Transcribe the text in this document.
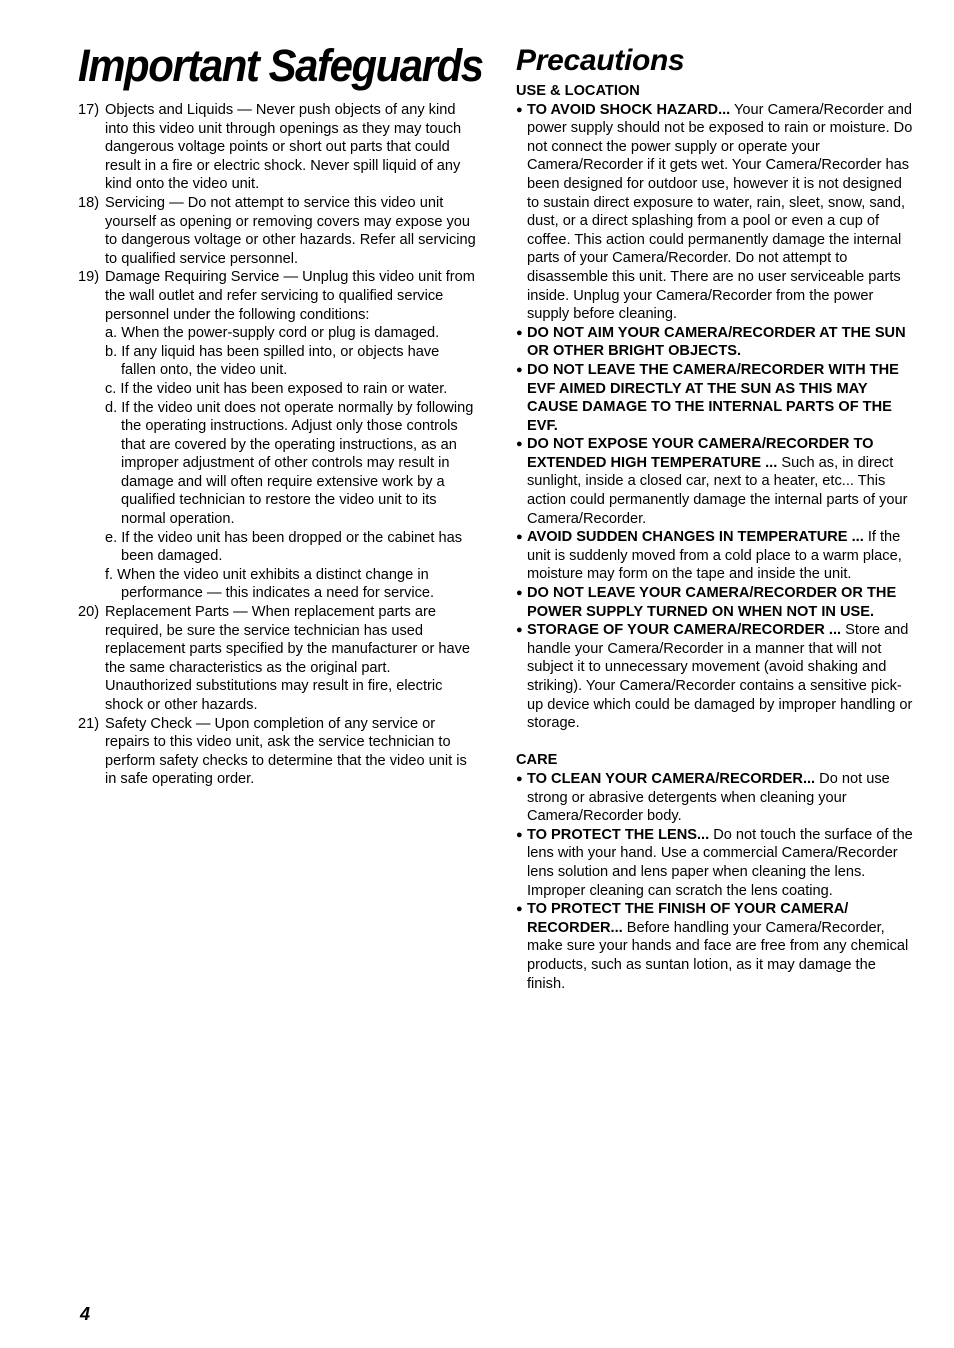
Important Safeguards

17) Objects and Liquids — Never push objects of any kind into this video unit through openings as they may touch dangerous voltage points or short out parts that could result in a fire or electric shock. Never spill liquid of any kind onto the video unit.

18) Servicing — Do not attempt to service this video unit yourself as opening or removing covers may expose you to dangerous voltage or other hazards. Refer all servicing to qualified service personnel.

19) Damage Requiring Service — Unplug this video unit from the wall outlet and refer servicing to qualified service personnel under the following conditions:

a. When the power-supply cord or plug is damaged.

b. If any liquid has been spilled into, or objects have fallen onto, the video unit.

c. If the video unit has been exposed to rain or water.

d. If the video unit does not operate normally by following the operating instructions. Adjust only those controls that are covered by the operating instructions, as an improper adjustment of other controls may result in damage and will often require extensive work by a qualified technician to restore the video unit to its normal operation.

e. If the video unit has been dropped or the cabinet has been damaged.

f. When the video unit exhibits a distinct change in performance — this indicates a need for service.

20) Replacement Parts — When replacement parts are required, be sure the service technician has used replacement parts specified by the manufacturer or have the same characteristics as the original part. Unauthorized substitutions may result in fire, electric shock or other hazards.

21) Safety Check — Upon completion of any service or repairs to this video unit, ask the service technician to perform safety checks to determine that the video unit is in safe operating order.

Precautions

USE & LOCATION

● TO AVOID SHOCK HAZARD... Your Camera/Recorder and power supply should not be exposed to rain or moisture. Do not connect the power supply or operate your Camera/Recorder if it gets wet. Your Camera/Recorder has been designed for outdoor use, however it is not designed to sustain direct exposure to water, rain, sleet, snow, sand, dust, or a direct splashing from a pool or even a cup of coffee. This action could permanently damage the internal parts of your Camera/Recorder. Do not attempt to disassemble this unit. There are no user serviceable parts inside. Unplug your Camera/Recorder from the power supply before cleaning.

● DO NOT AIM YOUR CAMERA/RECORDER AT THE SUN OR OTHER BRIGHT OBJECTS.

● DO NOT LEAVE THE CAMERA/RECORDER WITH THE EVF AIMED DIRECTLY AT THE SUN AS THIS MAY CAUSE DAMAGE TO THE INTERNAL PARTS OF THE EVF.

● DO NOT EXPOSE YOUR CAMERA/RECORDER TO EXTENDED HIGH TEMPERATURE ... Such as, in direct sunlight, inside a closed car, next to a heater, etc... This action could permanently damage the internal parts of your Camera/Recorder.

● AVOID SUDDEN CHANGES IN TEMPERATURE ... If the unit is suddenly moved from a cold place to a warm place, moisture may form on the tape and inside the unit.

● DO NOT LEAVE YOUR CAMERA/RECORDER OR THE POWER SUPPLY TURNED ON WHEN NOT IN USE.

● STORAGE OF YOUR CAMERA/RECORDER ... Store and handle your Camera/Recorder in a manner that will not subject it to unnecessary movement (avoid shaking and striking). Your Camera/Recorder contains a sensitive pick-up device which could be damaged by improper handling or storage.

CARE

● TO CLEAN YOUR CAMERA/RECORDER... Do not use strong or abrasive detergents when cleaning your Camera/Recorder body.

● TO PROTECT THE LENS... Do not touch the surface of the lens with your hand. Use a commercial Camera/Recorder lens solution and lens paper when cleaning the lens. Improper cleaning can scratch the lens coating.

● TO PROTECT THE FINISH OF YOUR CAMERA/ RECORDER... Before handling your Camera/Recorder, make sure your hands and face are free from any chemical products, such as suntan lotion, as it may damage the finish.

4
